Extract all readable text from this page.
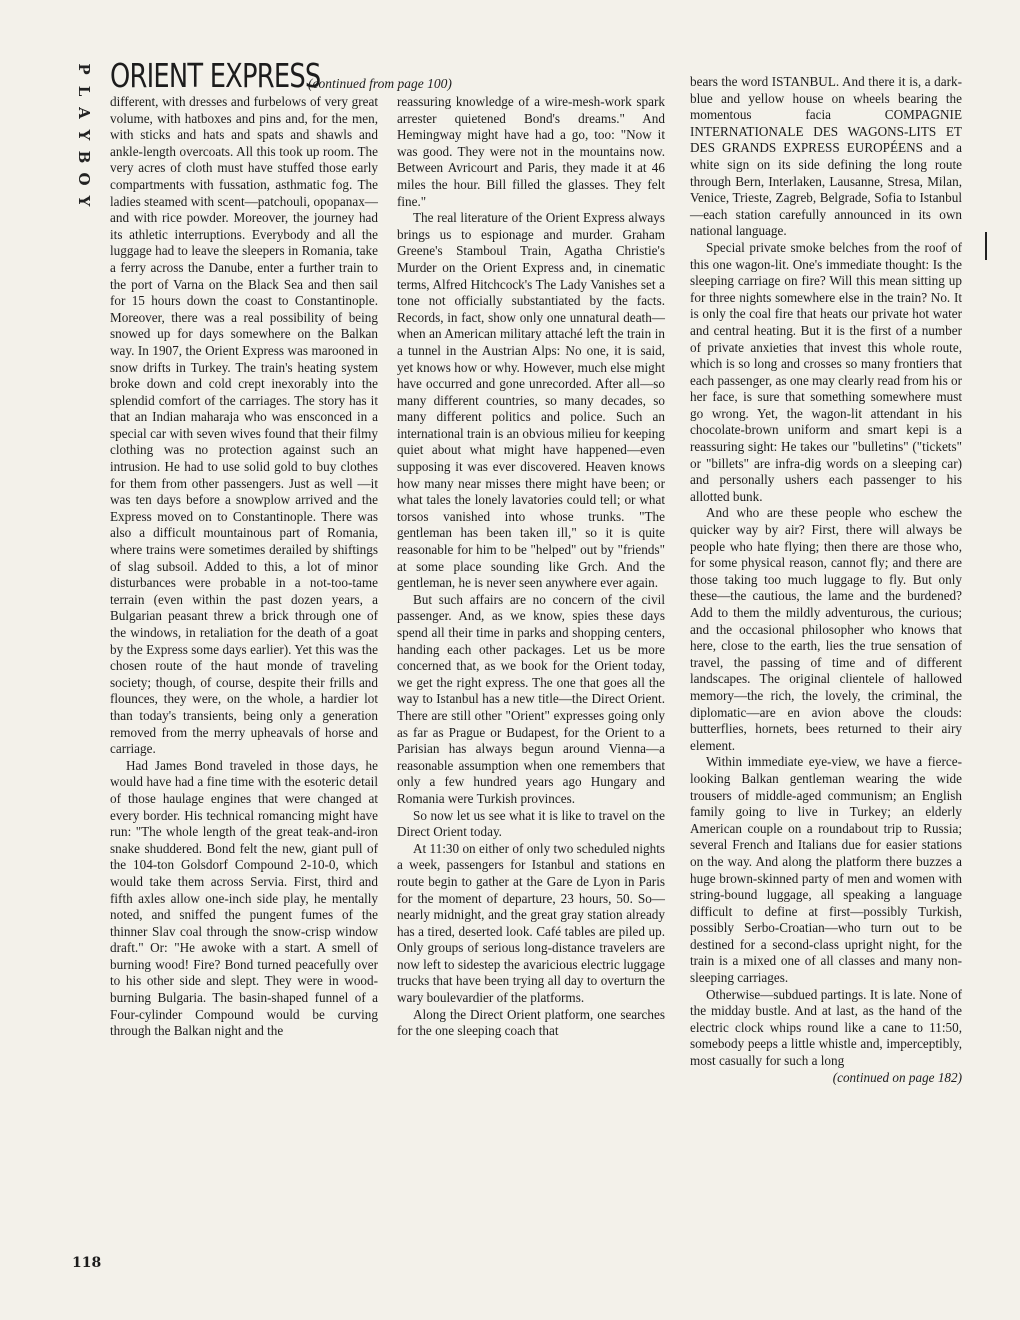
P
L
A
Y
B
O
Y
ORIENT EXPRESS
(continued from page 100)

different, with dresses and furbelows of very great volume, with hatboxes and pins and, for the men, with sticks and hats and spats and shawls and ankle-length overcoats. All this took up room. The very acres of cloth must have stuffed those early compartments with fussation, asthmatic fog. The ladies steamed with scent—patchouli, opopanax—and with rice powder. Moreover, the journey had its athletic interruptions. Everybody and all the luggage had to leave the sleepers in Romania, take a ferry across the Danube, enter a further train to the port of Varna on the Black Sea and then sail for 15 hours down the coast to Constantinople. Moreover, there was a real possibility of being snowed up for days somewhere on the Balkan way. In 1907, the Orient Express was marooned in snow drifts in Turkey. The train's heating system broke down and cold crept inexorably into the splendid comfort of the carriages. The story has it that an Indian maharaja who was ensconced in a special car with seven wives found that their filmy clothing was no protection against such an intrusion. He had to use solid gold to buy clothes for them from other passengers. Just as well —it was ten days before a snowplow arrived and the Express moved on to Constantinople. There was also a difficult mountainous part of Romania, where trains were sometimes derailed by shiftings of slag subsoil. Added to this, a lot of minor disturbances were probable in a not-too-tame terrain (even within the past dozen years, a Bulgarian peasant threw a brick through one of the windows, in retaliation for the death of a goat by the Express some days earlier). Yet this was the chosen route of the haut monde of traveling society; though, of course, despite their frills and flounces, they were, on the whole, a hardier lot than today's transients, being only a generation removed from the merry upheavals of horse and carriage.

Had James Bond traveled in those days, he would have had a fine time with the esoteric detail of those haulage engines that were changed at every border. His technical romancing might have run: "The whole length of the great teak-and-iron snake shuddered. Bond felt the new, giant pull of the 104-ton Golsdorf Compound 2-10-0, which would take them across Servia. First, third and fifth axles allow one-inch side play, he mentally noted, and sniffed the pungent fumes of the thinner Slav coal through the snow-crisp window draft." Or: "He awoke with a start. A smell of burning wood! Fire? Bond turned peacefully over to his other side and slept. They were in wood-burning Bulgaria. The basin-shaped funnel of a Four-cylinder Compound would be curving through the Balkan night and the

reassuring knowledge of a wire-mesh-work spark arrester quietened Bond's dreams." And Hemingway might have had a go, too: "Now it was good. They were not in the mountains now. Between Avricourt and Paris, they made it at 46 miles the hour. Bill filled the glasses. They felt fine."

The real literature of the Orient Express always brings us to espionage and murder. Graham Greene's Stamboul Train, Agatha Christie's Murder on the Orient Express and, in cinematic terms, Alfred Hitchcock's The Lady Vanishes set a tone not officially substantiated by the facts. Records, in fact, show only one unnatural death—when an American military attaché left the train in a tunnel in the Austrian Alps: No one, it is said, yet knows how or why. However, much else might have occurred and gone unrecorded. After all—so many different countries, so many decades, so many different politics and police. Such an international train is an obvious milieu for keeping quiet about what might have happened—even supposing it was ever discovered. Heaven knows how many near misses there might have been; or what tales the lonely lavatories could tell; or what torsos vanished into whose trunks. "The gentleman has been taken ill," so it is quite reasonable for him to be "helped" out by "friends" at some place sounding like Grch. And the gentleman, he is never seen anywhere ever again.

But such affairs are no concern of the civil passenger. And, as we know, spies these days spend all their time in parks and shopping centers, handing each other packages. Let us be more concerned that, as we book for the Orient today, we get the right express. The one that goes all the way to Istanbul has a new title—the Direct Orient. There are still other "Orient" expresses going only as far as Prague or Budapest, for the Orient to a Parisian has always begun around Vienna—a reasonable assumption when one remembers that only a few hundred years ago Hungary and Romania were Turkish provinces.

So now let us see what it is like to travel on the Direct Orient today.

At 11:30 on either of only two scheduled nights a week, passengers for Istanbul and stations en route begin to gather at the Gare de Lyon in Paris for the moment of departure, 23 hours, 50. So—nearly midnight, and the great gray station already has a tired, deserted look. Café tables are piled up. Only groups of serious long-distance travelers are now left to sidestep the avaricious electric luggage trucks that have been trying all day to overturn the wary boulevardier of the platforms.

Along the Direct Orient platform, one searches for the one sleeping coach that

bears the word ISTANBUL. And there it is, a dark-blue and yellow house on wheels bearing the momentous facia COMPAGNIE INTERNATIONALE DES WAGONS-LITS ET DES GRANDS EXPRESS EUROPÉENS and a white sign on its side defining the long route through Bern, Interlaken, Lausanne, Stresa, Milan, Venice, Trieste, Zagreb, Belgrade, Sofia to Istanbul—each station carefully announced in its own national language.

Special private smoke belches from the roof of this one wagon-lit. One's immediate thought: Is the sleeping carriage on fire? Will this mean sitting up for three nights somewhere else in the train? No. It is only the coal fire that heats our private hot water and central heating. But it is the first of a number of private anxieties that invest this whole route, which is so long and crosses so many frontiers that each passenger, as one may clearly read from his or her face, is sure that something somewhere must go wrong. Yet, the wagon-lit attendant in his chocolate-brown uniform and smart kepi is a reassuring sight: He takes our "bulletins" ("tickets" or "billets" are infra-dig words on a sleeping car) and personally ushers each passenger to his allotted bunk.

And who are these people who eschew the quicker way by air? First, there will always be people who hate flying; then there are those who, for some physical reason, cannot fly; and there are those taking too much luggage to fly. But only these—the cautious, the lame and the burdened? Add to them the mildly adventurous, the curious; and the occasional philosopher who knows that here, close to the earth, lies the true sensation of travel, the passing of time and of different landscapes. The original clientele of hallowed memory—the rich, the lovely, the criminal, the diplomatic—are en avion above the clouds: butterflies, hornets, bees returned to their airy element.

Within immediate eye-view, we have a fierce-looking Balkan gentleman wearing the wide trousers of middle-aged communism; an English family going to live in Turkey; an elderly American couple on a roundabout trip to Russia; several French and Italians due for easier stations on the way. And along the platform there buzzes a huge brown-skinned party of men and women with string-bound luggage, all speaking a language difficult to define at first—possibly Turkish, possibly Serbo-Croatian—who turn out to be destined for a second-class upright night, for the train is a mixed one of all classes and many non-sleeping carriages.

Otherwise—subdued partings. It is late. None of the midday bustle. And at last, as the hand of the electric clock whips round like a cane to 11:50, somebody peeps a little whistle and, imperceptibly, most casually for such a long

(continued on page 182)

118
